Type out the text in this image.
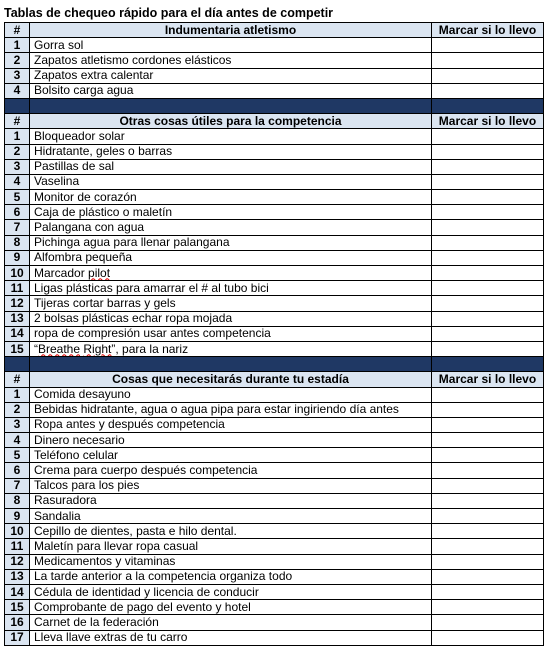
Tablas de chequeo rápido para el día antes de competir
#	Indumentaria atletismo	Marcar si lo llevo
1	Gorra sol	
2	Zapatos atletismo cordones elásticos	
3	Zapatos extra calentar	
4	Bolsito carga agua	

#	Otras cosas útiles para la competencia	Marcar si lo llevo
1	Bloqueador solar	
2	Hidratante, geles o barras	
3	Pastillas de sal	
4	Vaselina	
5	Monitor de corazón	
6	Caja de plástico o maletín	
7	Palangana con agua	
8	Pichinga agua para llenar palangana	
9	Alfombra pequeña	
10	Marcador pilot	
11	Ligas plásticas para amarrar el # al tubo bici	
12	Tijeras cortar barras y gels	
13	2 bolsas plásticas echar ropa mojada	
14	ropa de compresión usar antes competencia	
15	“Breathe Right”, para la nariz	

#	Cosas que necesitarás durante tu estadía	Marcar si lo llevo
1	Comida desayuno	
2	Bebidas hidratante, agua o agua pipa para estar ingiriendo día antes	
3	Ropa antes y después competencia	
4	Dinero necesario	
5	Teléfono celular	
6	Crema para cuerpo después competencia	
7	Talcos para los pies	
8	Rasuradora	
9	Sandalia	
10	Cepillo de dientes, pasta e hilo dental.	
11	Maletín para llevar ropa casual	
12	Medicamentos y vitaminas	
13	La tarde anterior a la competencia organiza todo	
14	Cédula de identidad y licencia de conducir	
15	Comprobante de pago del evento y hotel	
16	Carnet de la federación	
17	Lleva llave extras de tu carro	
